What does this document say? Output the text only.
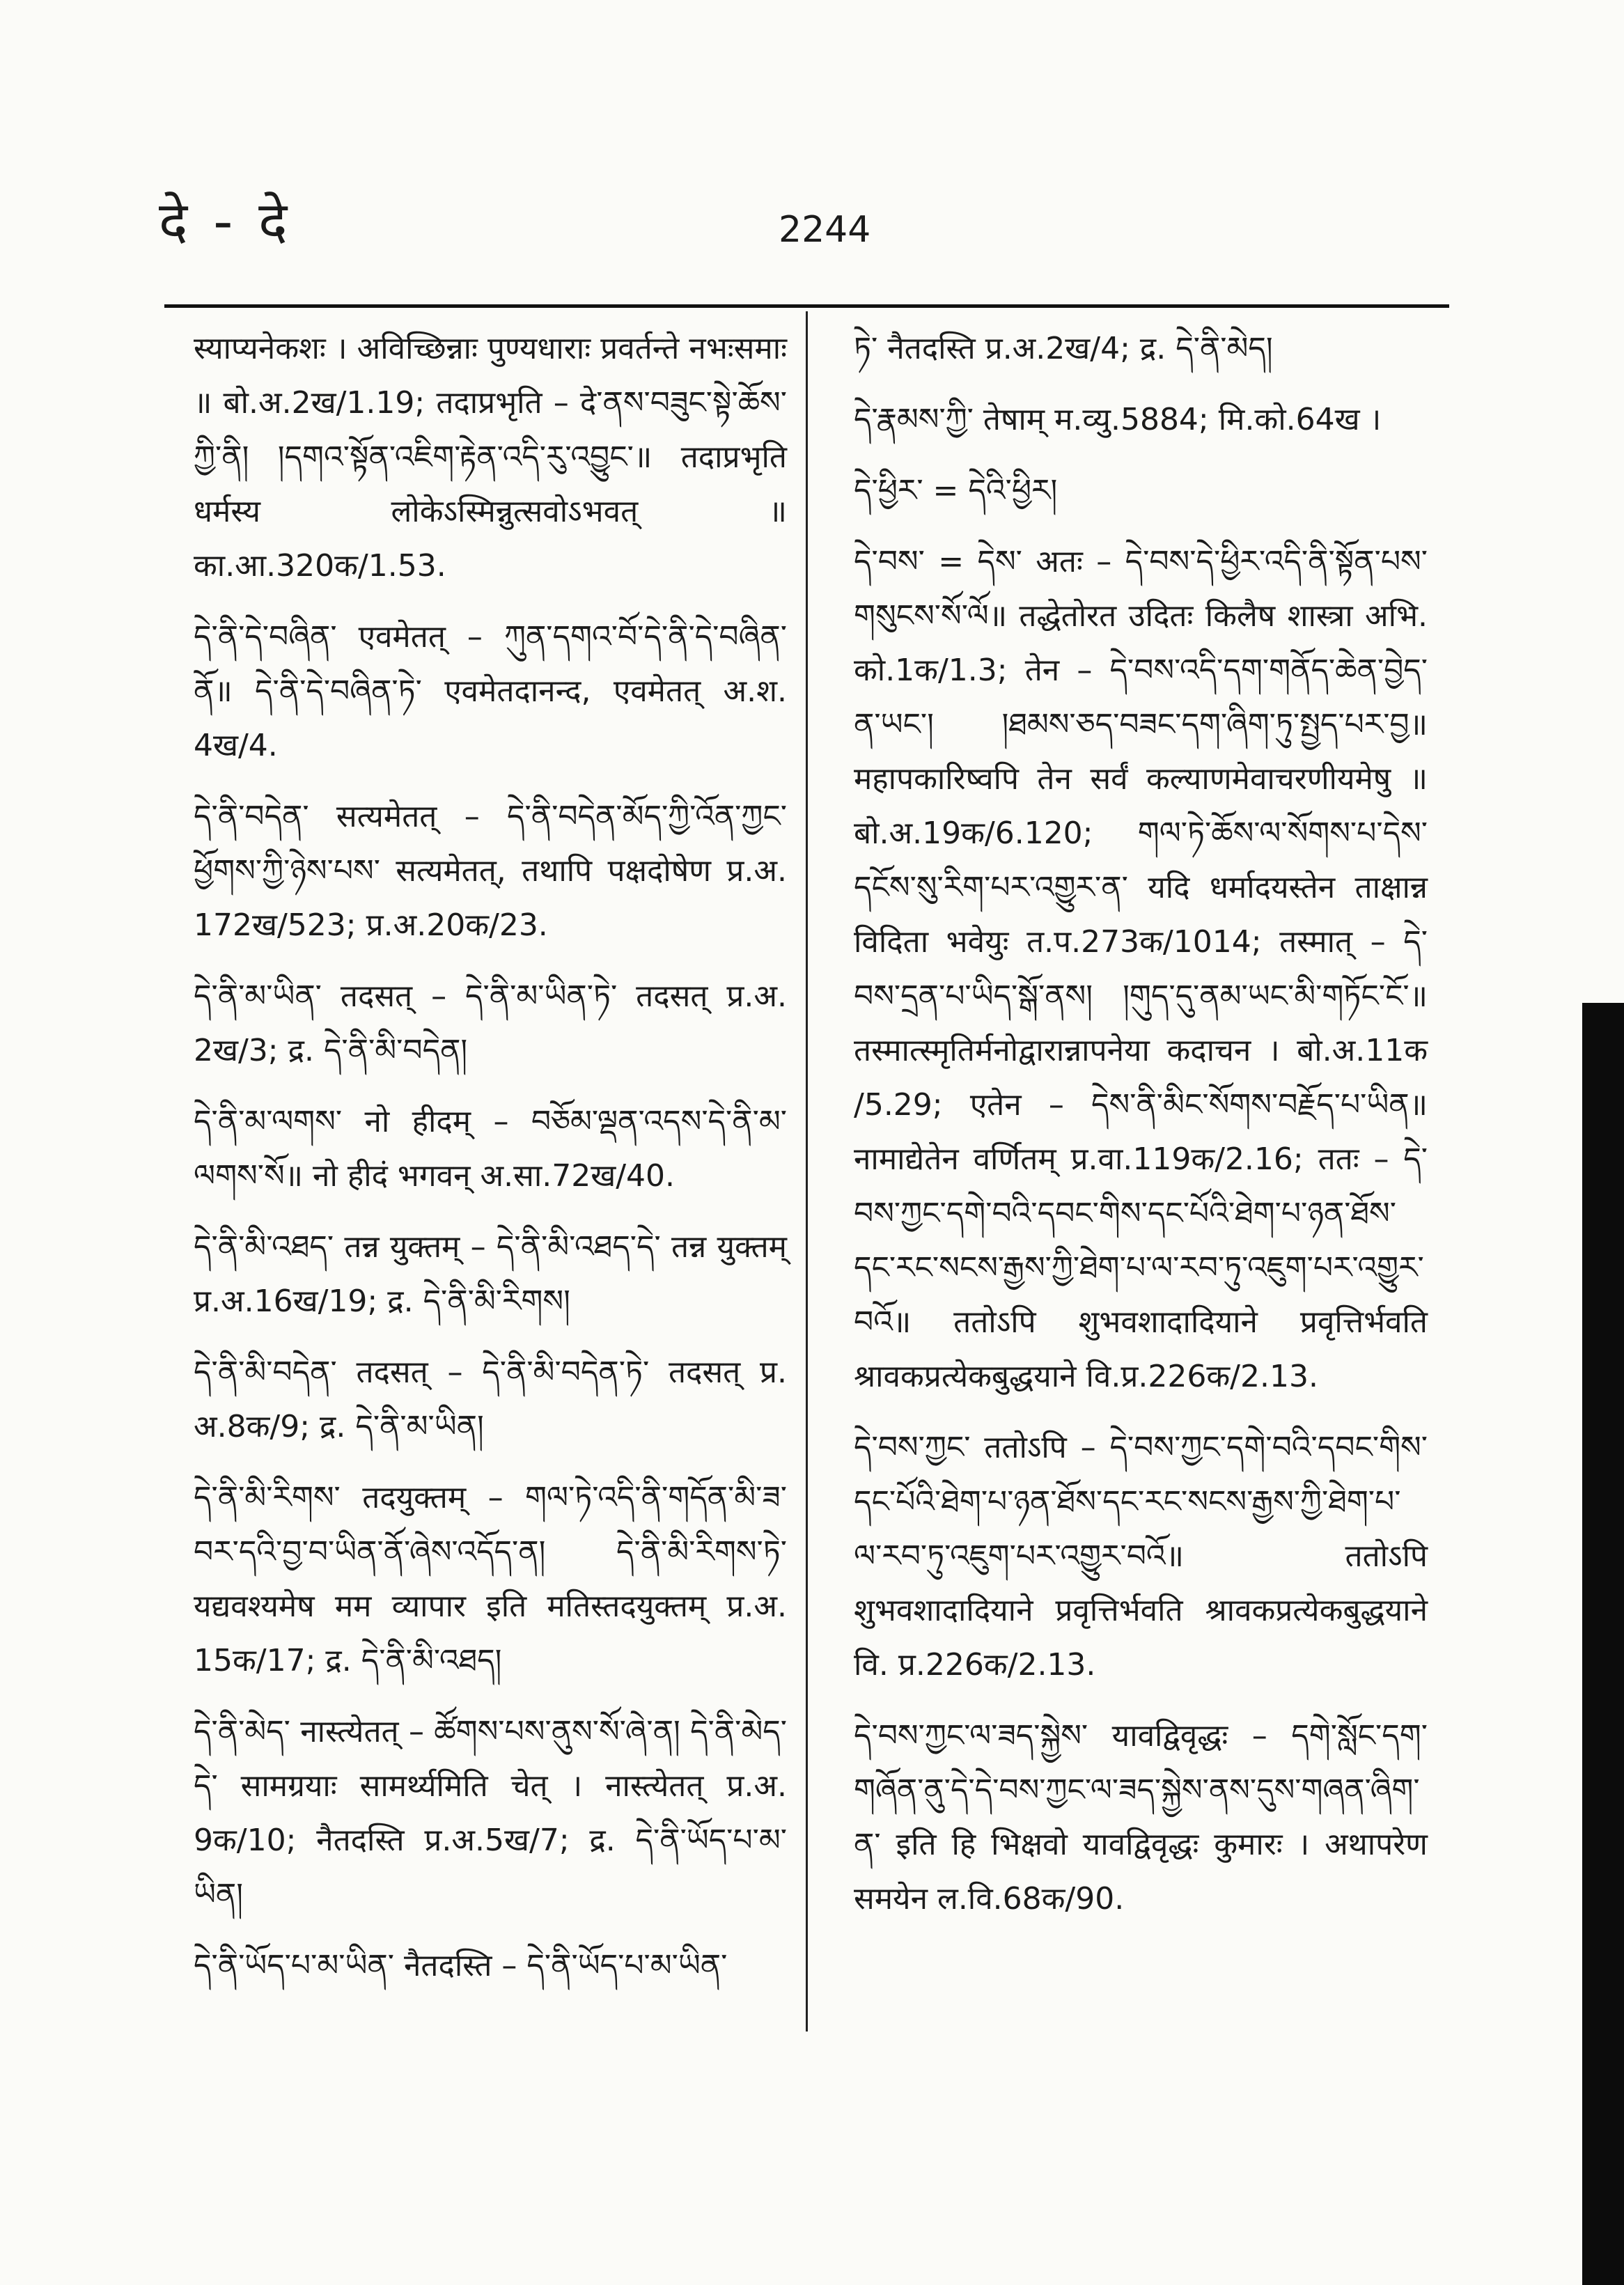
दे - दे	2244

स्याप्यनेकशः । अविच्छिन्नाः पुण्यधाराः प्रवर्तन्ते नभःसमाः ॥ बो.अ.2ख/1.19; तदाप्रभृति – दे་ནས་བཟུང་སྟེ་ཆོས་ཀྱི་ནི། །དགའ་སྟོན་འཇིག་རྟེན་འདི་རུ་འབྱུང་॥ तदाप्रभृति धर्मस्य लोकेऽस्मिन्नुत्सवोऽभवत् ॥ का.आ.320क/1.53.

དེ་ནི་དེ་བཞིན་ एवमेतत् – ཀུན་དགའ་བོ་དེ་ནི་དེ་བཞིན་ནོ॥ དེ་ནི་དེ་བཞིན་ཏེ་ एवमेतदानन्द, एवमेतत् अ.श. 4ख/4.

དེ་ནི་བདེན་ सत्यमेतत् – དེ་ནི་བདེན་མོད་ཀྱི་འོན་ཀྱང་ཕྱོགས་ཀྱི་ཉེས་པས་ सत्यमेतत्, तथापि पक्षदोषेण प्र.अ. 172ख/523; प्र.अ.20क/23.

དེ་ནི་མ་ཡིན་ तदसत् – དེ་ནི་མ་ཡིན་ཏེ་ तदसत् प्र.अ. 2ख/3; द्र. དེ་ནི་མི་བདེན།

དེ་ནི་མ་ལགས་ नो हीदम् – བཅོམ་ལྡན་འདས་དེ་ནི་མ་ལགས་སོ॥ नो हीदं भगवन् अ.सा.72ख/40.

དེ་ནི་མི་འཐད་ तन्न युक्तम् – དེ་ནི་མི་འཐད་དེ་ तन्न युक्तम् प्र.अ.16ख/19; द्र. དེ་ནི་མི་རིགས།

དེ་ནི་མི་བདེན་ तदसत् – དེ་ནི་མི་བདེན་ཏེ་ तदसत् प्र. अ.8क/9; द्र. དེ་ནི་མ་ཡིན།

དེ་ནི་མི་རིགས་ तदयुक्तम् – གལ་ཏེ་འདི་ནི་གདོན་མི་ཟ་བར་དའི་བྱ་བ་ཡིན་ནོ་ཞེས་འདོད་ན། དེ་ནི་མི་རིགས་ཏེ་ यद्यवश्यमेष मम व्यापार इति मतिस्तदयुक्तम् प्र.अ. 15क/17; द्र. དེ་ནི་མི་འཐད།

དེ་ནི་མེད་ नास्त्येतत् – ཚོགས་པས་ནུས་སོ་ཞེ་ན། དེ་ནི་མེད་དེ་ सामग्रयाः सामर्थ्यमिति चेत् । नास्त्येतत् प्र.अ. 9क/10; नैतदस्ति प्र.अ.5ख/7; द्र. དེ་ནི་ཡོད་པ་མ་ཡིན།

དེ་ནི་ཡོད་པ་མ་ཡིན་ नैतदस्ति – དེ་ནི་ཡོད་པ་མ་ཡིན་

ཏེ་ नैतदस्ति प्र.अ.2ख/4; द्र. དེ་ནི་མེད།

དེ་རྣམས་ཀྱི་ तेषाम् म.व्यु.5884; मि.को.64ख ।

དེ་ཕྱིར་ = དེའི་ཕྱིར།

དེ་བས་ = དེས་ अतः – དེ་བས་དེ་ཕྱིར་འདི་ནི་སྟོན་པས་གསུངས་སོ་ལོ॥ तद्धेतोरत उदितः किलैष शास्त्रा अभि. को.1क/1.3; तेन – དེ་བས་འདི་དག་གནོད་ཆེན་བྱེད་ན་ཡང་། །ཐམས་ཅད་བཟང་དག་ཞིག་ཏུ་སྤྱད་པར་བྱ॥ महापकारिष्वपि तेन सर्वं कल्याणमेवाचरणीयमेषु ॥ बो.अ.19क/6.120; གལ་ཏེ་ཆོས་ལ་སོགས་པ་དེས་དངོས་སུ་རིག་པར་འགྱུར་ན་ यदि धर्मादयस्तेन ताक्षान्न विदिता भवेयुः त.प.273क/1014; तस्मात् – དེ་བས་དྲན་པ་ཡིད་སྒོ་ནས། །གུད་དུ་ནམ་ཡང་མི་གཏོང་ངོ་॥ तस्मात्स्मृतिर्मनोद्वारान्नापनेया कदाचन । बो.अ.11क /5.29; एतेन – དེས་ནི་མིང་སོགས་བརྗོད་པ་ཡིན॥ नामाद्येतेन वर्णितम् प्र.वा.119क/2.16; ततः – དེ་བས་ཀྱང་དགེ་བའི་དབང་གིས་དང་པོའི་ཐེག་པ་ཉན་ཐོས་དང་རང་སངས་རྒྱས་ཀྱི་ཐེག་པ་ལ་རབ་ཏུ་འཇུག་པར་འགྱུར་བའོ॥ ततोऽपि शुभवशादादियाने प्रवृत्तिर्भवति श्रावकप्रत्येकबुद्धयाने वि.प्र.226क/2.13.

དེ་བས་ཀྱང་ ततोऽपि – དེ་བས་ཀྱང་དགེ་བའི་དབང་གིས་དང་པོའི་ཐེག་པ་ཉན་ཐོས་དང་རང་སངས་རྒྱས་ཀྱི་ཐེག་པ་ལ་རབ་ཏུ་འཇུག་པར་འགྱུར་བའོ॥ ततोऽपि शुभवशादादियाने प्रवृत्तिर्भवति श्रावकप्रत्येकबुद्धयाने वि. प्र.226क/2.13.

དེ་བས་ཀྱང་ལ་ཟད་སྐྱེས་ यावद्विवृद्धः – དགེ་སློང་དག་གཞོན་ནུ་དེ་དེ་བས་ཀྱང་ལ་ཟད་སྐྱེས་ནས་དུས་གཞན་ཞིག་ན་ इति हि भिक्षवो यावद्विवृद्धः कुमारः । अथापरेण समयेन ल.वि.68क/90.
